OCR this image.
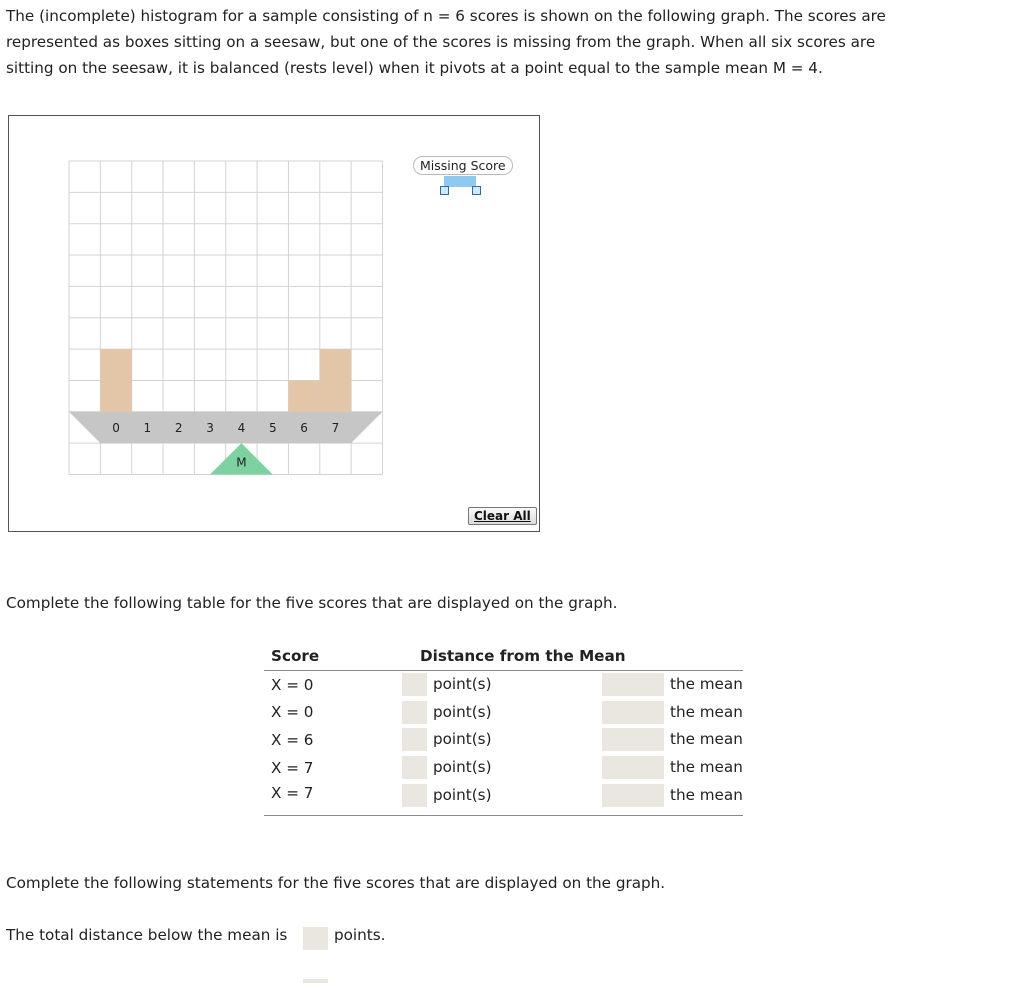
The (incomplete) histogram for a sample consisting of n = 6 scores is shown on the following graph. The scores are

represented as boxes sitting on a seesaw, but one of the scores is missing from the graph. When all six scores are

sitting on the seesaw, it is balanced (rests level) when it pivots at a point equal to the sample mean M = 4.

0 1 2 3 4 5 6 7
M
Missing Score
Clear All

Complete the following table for the five scores that are displayed on the graph.

Score	Distance from the Mean	
X = 0	point(s)	the mean
X = 0	point(s)	the mean
X = 6	point(s)	the mean
X = 7	point(s)	the mean
X = 7	point(s)	the mean

Complete the following statements for the five scores that are displayed on the graph.

The total distance below the mean is	points.
